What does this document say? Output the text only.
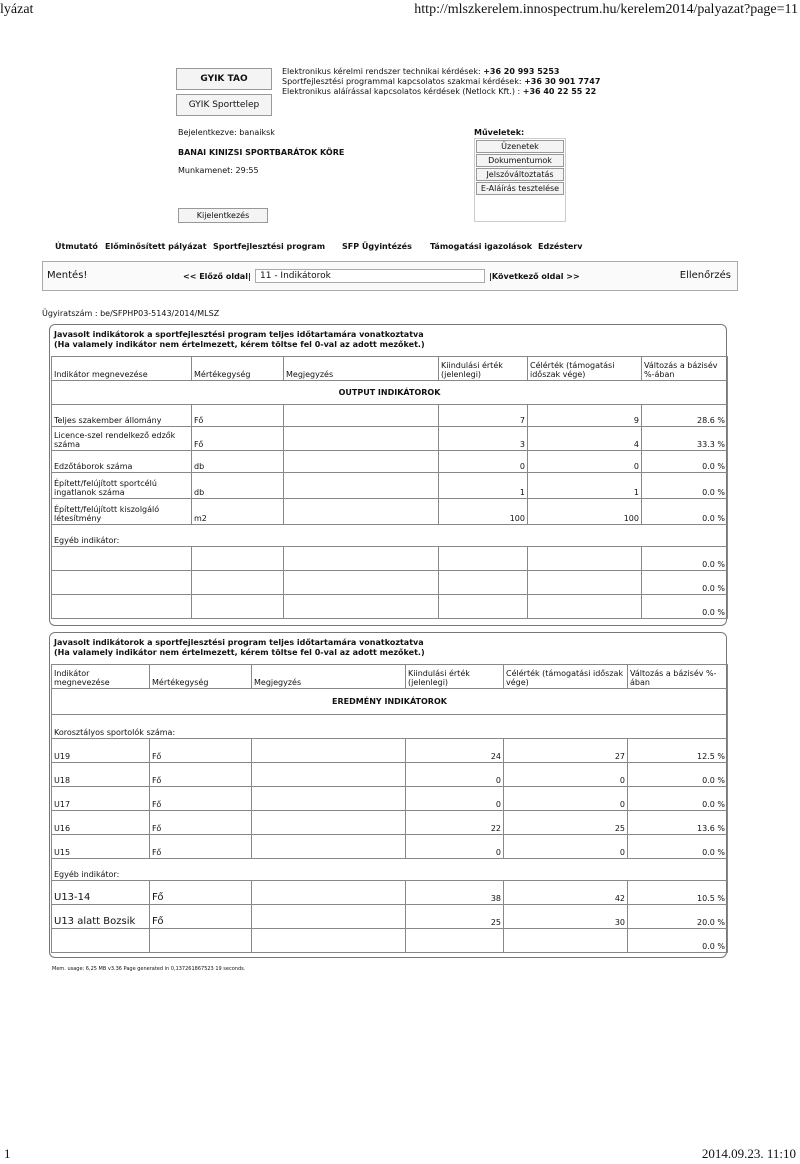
lyázat	http://mlszkerelem.innospectrum.hu/kerelem2014/palyazat?page=11
1	2014.09.23. 11:10
GYIK TAO
GYIK Sporttelep
Elektronikus kérelmi rendszer technikai kérdések: +36 20 993 5253
Sportfejlesztési programmal kapcsolatos szakmai kérdések: +36 30 901 7747
Elektronikus aláírással kapcsolatos kérdések (Netlock Kft.) : +36 40 22 55 22
Bejelentkezve: banaiksk
BANAI KINIZSI SPORTBARÁTOK KÖRE
Munkamenet: 29:55
Kijelentkezés
Műveletek:
Üzenetek
Dokumentumok
Jelszóváltoztatás
E-Aláírás tesztelése
Útmutató Előminősített pályázat Sportfejlesztési program SFP Ügyintézés Támogatási igazolások Edzésterv
Mentés!	<< Előző oldal|	11 - Indikátorok	|Következő oldal >>	Ellenőrzés
Ügyiratszám : be/SFPHP03-5143/2014/MLSZ
Javasolt indikátorok a sportfejlesztési program teljes időtartamára vonatkoztatva
(Ha valamely indikátor nem értelmezett, kérem töltse fel 0-val az adott mezőket.)
Indikátor megnevezése	Mértékegység	Megjegyzés	Kiindulási érték (jelenlegi)	Célérték (támogatási időszak vége)	Változás a bázisév %-ában
OUTPUT INDIKÁTOROK					
Teljes szakember állomány	Fő		7	9	28.6 %
Licence-szel rendelkező edzők száma	Fő		3	4	33.3 %
Edzőtáborok száma	db		0	0	0.0 %
Épített/felújított sportcélú ingatlanok száma	db		1	1	0.0 %
Épített/felújított kiszolgáló létesítmény	m2		100	100	0.0 %
Egyéb indikátor:					
					0.0 %
					0.0 %
					0.0 %
Javasolt indikátorok a sportfejlesztési program teljes időtartamára vonatkoztatva
(Ha valamely indikátor nem értelmezett, kérem töltse fel 0-val az adott mezőket.)
Indikátor megnevezése	Mértékegység	Megjegyzés	Kiindulási érték (jelenlegi)	Célérték (támogatási időszak vége)	Változás a bázisév %-ában
EREDMÉNY INDIKÁTOROK					
Korosztályos sportolók száma:					
U19	Fő		24	27	12.5 %
U18	Fő		0	0	0.0 %
U17	Fő		0	0	0.0 %
U16	Fő		22	25	13.6 %
U15	Fő		0	0	0.0 %
Egyéb indikátor:					
U13-14	Fő		38	42	10.5 %
U13 alatt Bozsik	Fő		25	30	20.0 %
					0.0 %
Mem. usage: 6,25 MB v3.36 Page generated in 0,137261867523 19 seconds.
